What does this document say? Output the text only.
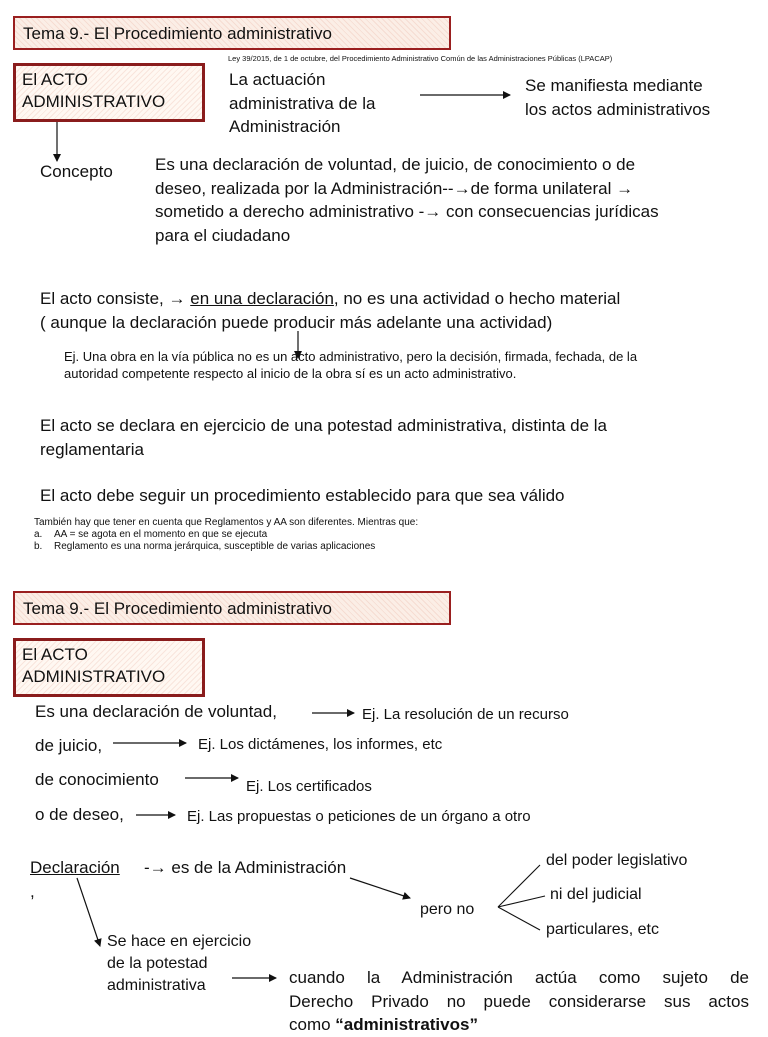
Tema 9.- El Procedimiento administrativo
Ley 39/2015, de 1 de octubre, del Procedimiento Administrativo Común de las Administraciones Públicas (LPACAP)
El ACTO
ADMINISTRATIVO
La actuación
administrativa de la
Administración
Se manifiesta mediante
los actos administrativos
Concepto Es una declaración de voluntad, de juicio, de conocimiento o de
deseo, realizada por la Administración--→de forma unilateral →
sometido a derecho administrativo -→ con consecuencias jurídicas
para el ciudadano
El acto consiste, → en una declaración, no es una actividad o hecho material
( aunque la declaración puede producir más adelante una actividad)
Ej. Una obra en la vía pública no es un acto administrativo, pero la decisión, firmada, fechada, de la
autoridad competente respecto al inicio de la obra sí es un acto administrativo.
El acto se declara en ejercicio de una potestad administrativa, distinta de la
reglamentaria
El acto debe seguir un procedimiento establecido para que sea válido
También hay que tener en cuenta que Reglamentos y AA son diferentes. Mientras que:
a. AA = se agota en el momento en que se ejecuta
b. Reglamento es una norma jerárquica, susceptible de varias aplicaciones
Tema 9.- El Procedimiento administrativo
El ACTO
ADMINISTRATIVO
Es una declaración de voluntad,	Ej. La resolución de un recurso
de juicio,	Ej. Los dictámenes, los informes, etc
de conocimiento	Ej. Los certificados
o de deseo,	Ej. Las propuestas o peticiones de un órgano a otro
Declaración
,
-→ es de la Administración
pero no
del poder legislativo
ni del judicial
particulares, etc
Se hace en ejercicio
de la potestad
administrativa	cuando la Administración actúa como sujeto de
Derecho Privado no puede considerarse sus actos
como “administrativos”
